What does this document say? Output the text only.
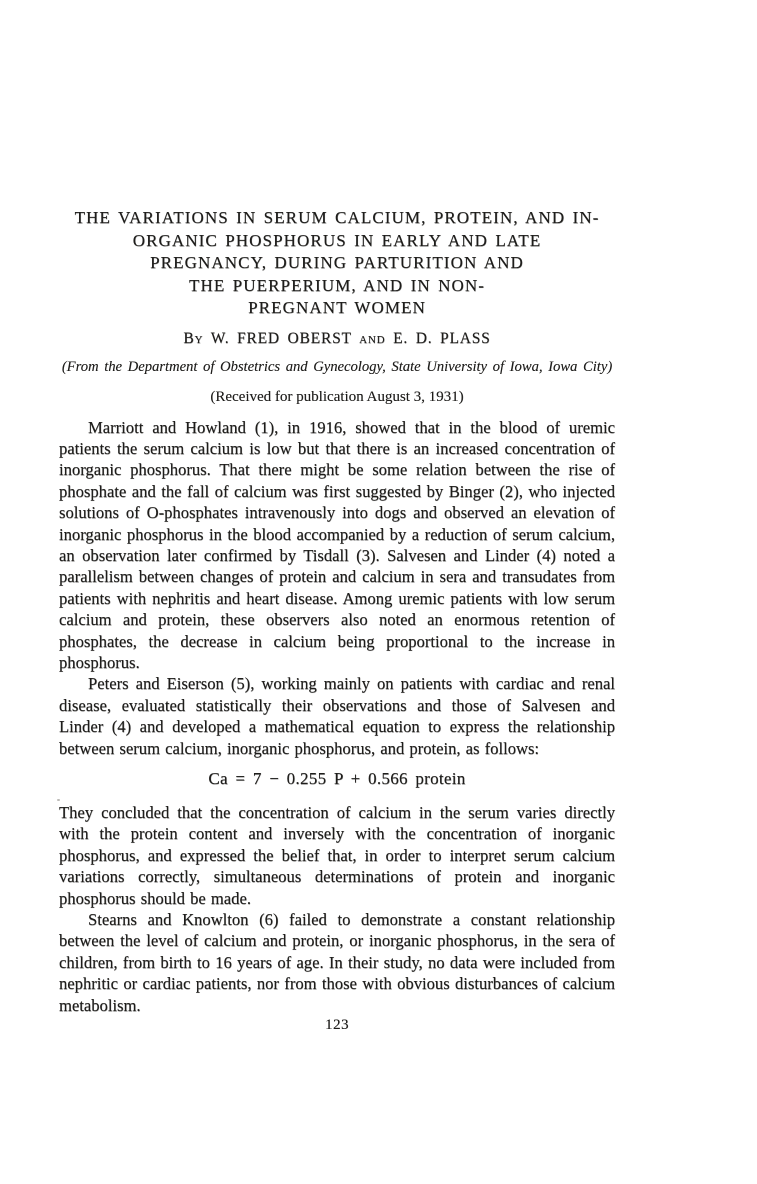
THE VARIATIONS IN SERUM CALCIUM, PROTEIN, AND IN-
ORGANIC PHOSPHORUS IN EARLY AND LATE
PREGNANCY, DURING PARTURITION AND
THE PUERPERIUM, AND IN NON-
PREGNANT WOMEN

By W. FRED OBERST and E. D. PLASS

(From the Department of Obstetrics and Gynecology, State University of Iowa, Iowa City)

(Received for publication August 3, 1931)

Marriott and Howland (1), in 1916, showed that in the blood of uremic patients the serum calcium is low but that there is an increased concentration of inorganic phosphorus. That there might be some relation between the rise of phosphate and the fall of calcium was first suggested by Binger (2), who injected solutions of O-phosphates intravenously into dogs and observed an elevation of inorganic phosphorus in the blood accompanied by a reduction of serum calcium, an observation later confirmed by Tisdall (3). Salvesen and Linder (4) noted a parallelism between changes of protein and calcium in sera and transudates from patients with nephritis and heart disease. Among uremic patients with low serum calcium and protein, these observers also noted an enormous retention of phosphates, the decrease in calcium being proportional to the increase in phosphorus.

Peters and Eiserson (5), working mainly on patients with cardiac and renal disease, evaluated statistically their observations and those of Salvesen and Linder (4) and developed a mathematical equation to express the relationship between serum calcium, inorganic phosphorus, and protein, as follows:

Ca = 7 − 0.255 P + 0.566 protein

They concluded that the concentration of calcium in the serum varies directly with the protein content and inversely with the concentration of inorganic phosphorus, and expressed the belief that, in order to interpret serum calcium variations correctly, simultaneous determinations of protein and inorganic phosphorus should be made.

Stearns and Knowlton (6) failed to demonstrate a constant relationship between the level of calcium and protein, or inorganic phosphorus, in the sera of children, from birth to 16 years of age. In their study, no data were included from nephritic or cardiac patients, nor from those with obvious disturbances of calcium metabolism.

123
